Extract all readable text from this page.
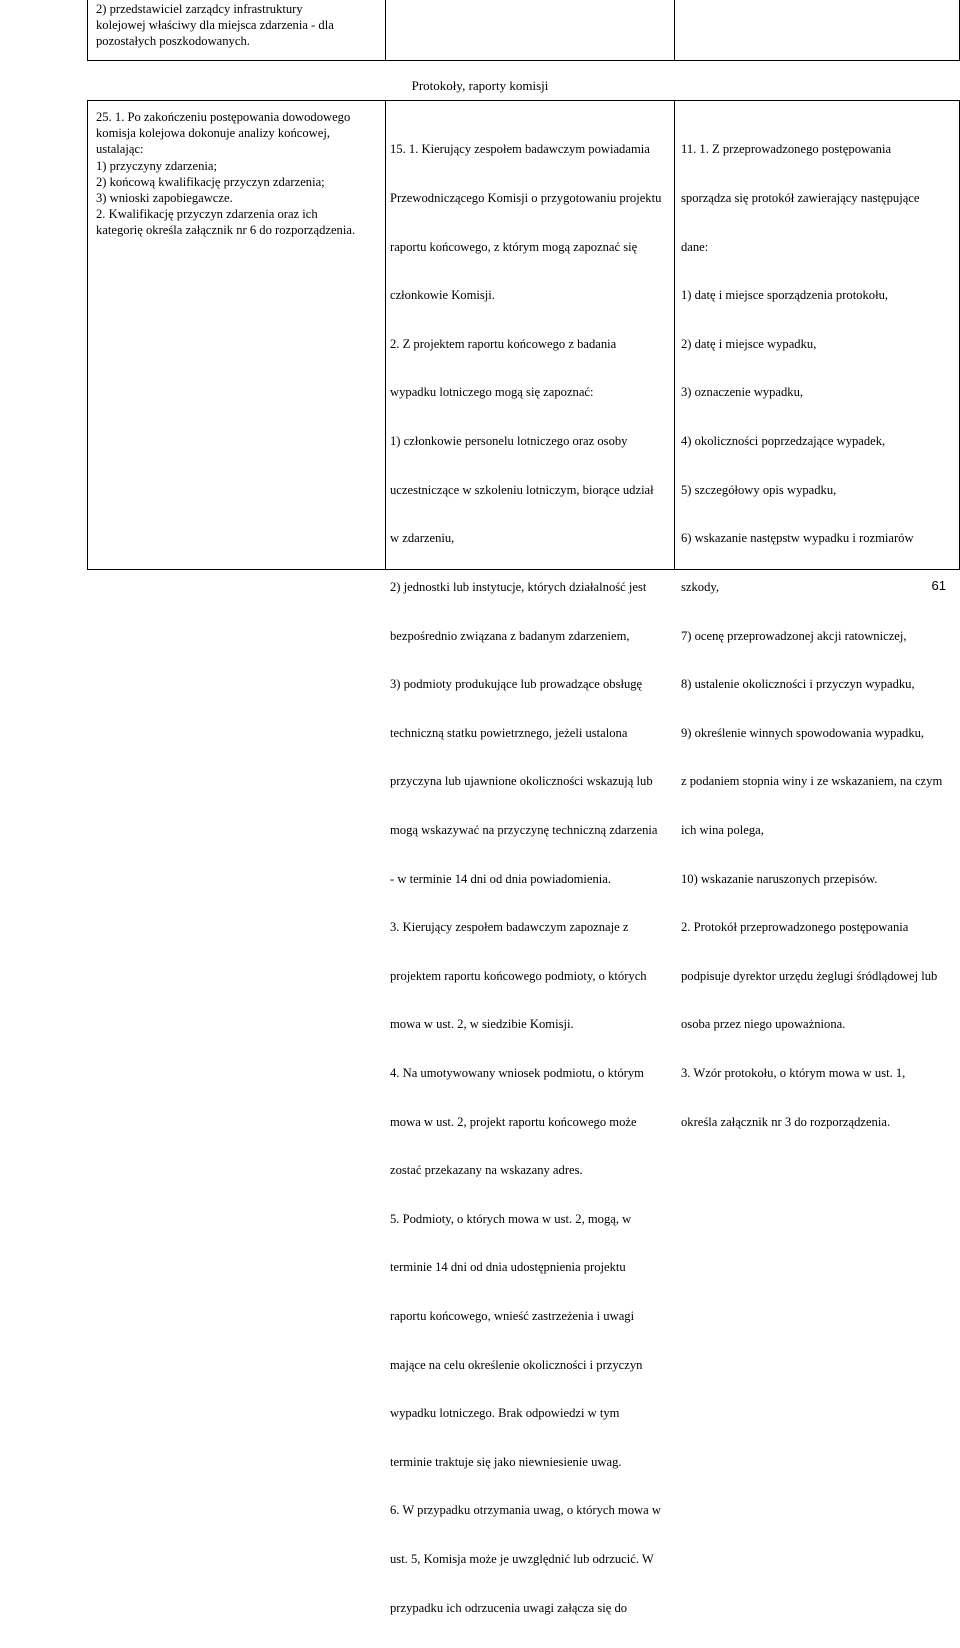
2) przedstawiciel zarządcy infrastruktury
kolejowej właściwy dla miejsca zdarzenia - dla
pozostałych poszkodowanych.
Protokoły, raporty komisji
25. 1. Po zakończeniu postępowania dowodowego
komisja kolejowa dokonuje analizy końcowej,
ustalając:
1) przyczyny zdarzenia;
2) końcową kwalifikację przyczyn zdarzenia;
3) wnioski zapobiegawcze.
2. Kwalifikację przyczyn zdarzenia oraz ich
kategorię określa załącznik nr 6 do rozporządzenia.

15. 1. Kierujący zespołem badawczym powiadamia

Przewodniczącego Komisji o przygotowaniu projektu

raportu końcowego, z którym mogą zapoznać się

członkowie Komisji.

2. Z projektem raportu końcowego z badania

wypadku lotniczego mogą się zapoznać:

1) członkowie personelu lotniczego oraz osoby

uczestniczące w szkoleniu lotniczym, biorące udział

w zdarzeniu,

2) jednostki lub instytucje, których działalność jest

bezpośrednio związana z badanym zdarzeniem,

3) podmioty produkujące lub prowadzące obsługę

techniczną statku powietrznego, jeżeli ustalona

przyczyna lub ujawnione okoliczności wskazują lub

mogą wskazywać na przyczynę techniczną zdarzenia

- w terminie 14 dni od dnia powiadomienia.

3. Kierujący zespołem badawczym zapoznaje z

projektem raportu końcowego podmioty, o których

mowa w ust. 2, w siedzibie Komisji.

4. Na umotywowany wniosek podmiotu, o którym

mowa w ust. 2, projekt raportu końcowego może

zostać przekazany na wskazany adres.

5. Podmioty, o których mowa w ust. 2, mogą, w

terminie 14 dni od dnia udostępnienia projektu

raportu końcowego, wnieść zastrzeżenia i uwagi

mające na celu określenie okoliczności i przyczyn

wypadku lotniczego. Brak odpowiedzi w tym

terminie traktuje się jako niewniesienie uwag.

6. W przypadku otrzymania uwag, o których mowa w

ust. 5, Komisja może je uwzględnić lub odrzucić. W

przypadku ich odrzucenia uwagi załącza się do

11. 1. Z przeprowadzonego postępowania

sporządza się protokół zawierający następujące

dane:

1) datę i miejsce sporządzenia protokołu,

2) datę i miejsce wypadku,

3) oznaczenie wypadku,

4) okoliczności poprzedzające wypadek,

5) szczegółowy opis wypadku,

6) wskazanie następstw wypadku i rozmiarów

szkody,

7) ocenę przeprowadzonej akcji ratowniczej,

8) ustalenie okoliczności i przyczyn wypadku,

9) określenie winnych spowodowania wypadku,

z podaniem stopnia winy i ze wskazaniem, na czym

ich wina polega,

10) wskazanie naruszonych przepisów.

2. Protokół przeprowadzonego postępowania

podpisuje dyrektor urzędu żeglugi śródlądowej lub

osoba przez niego upoważniona.

3. Wzór protokołu, o którym mowa w ust. 1,

określa załącznik nr 3 do rozporządzenia.

61
